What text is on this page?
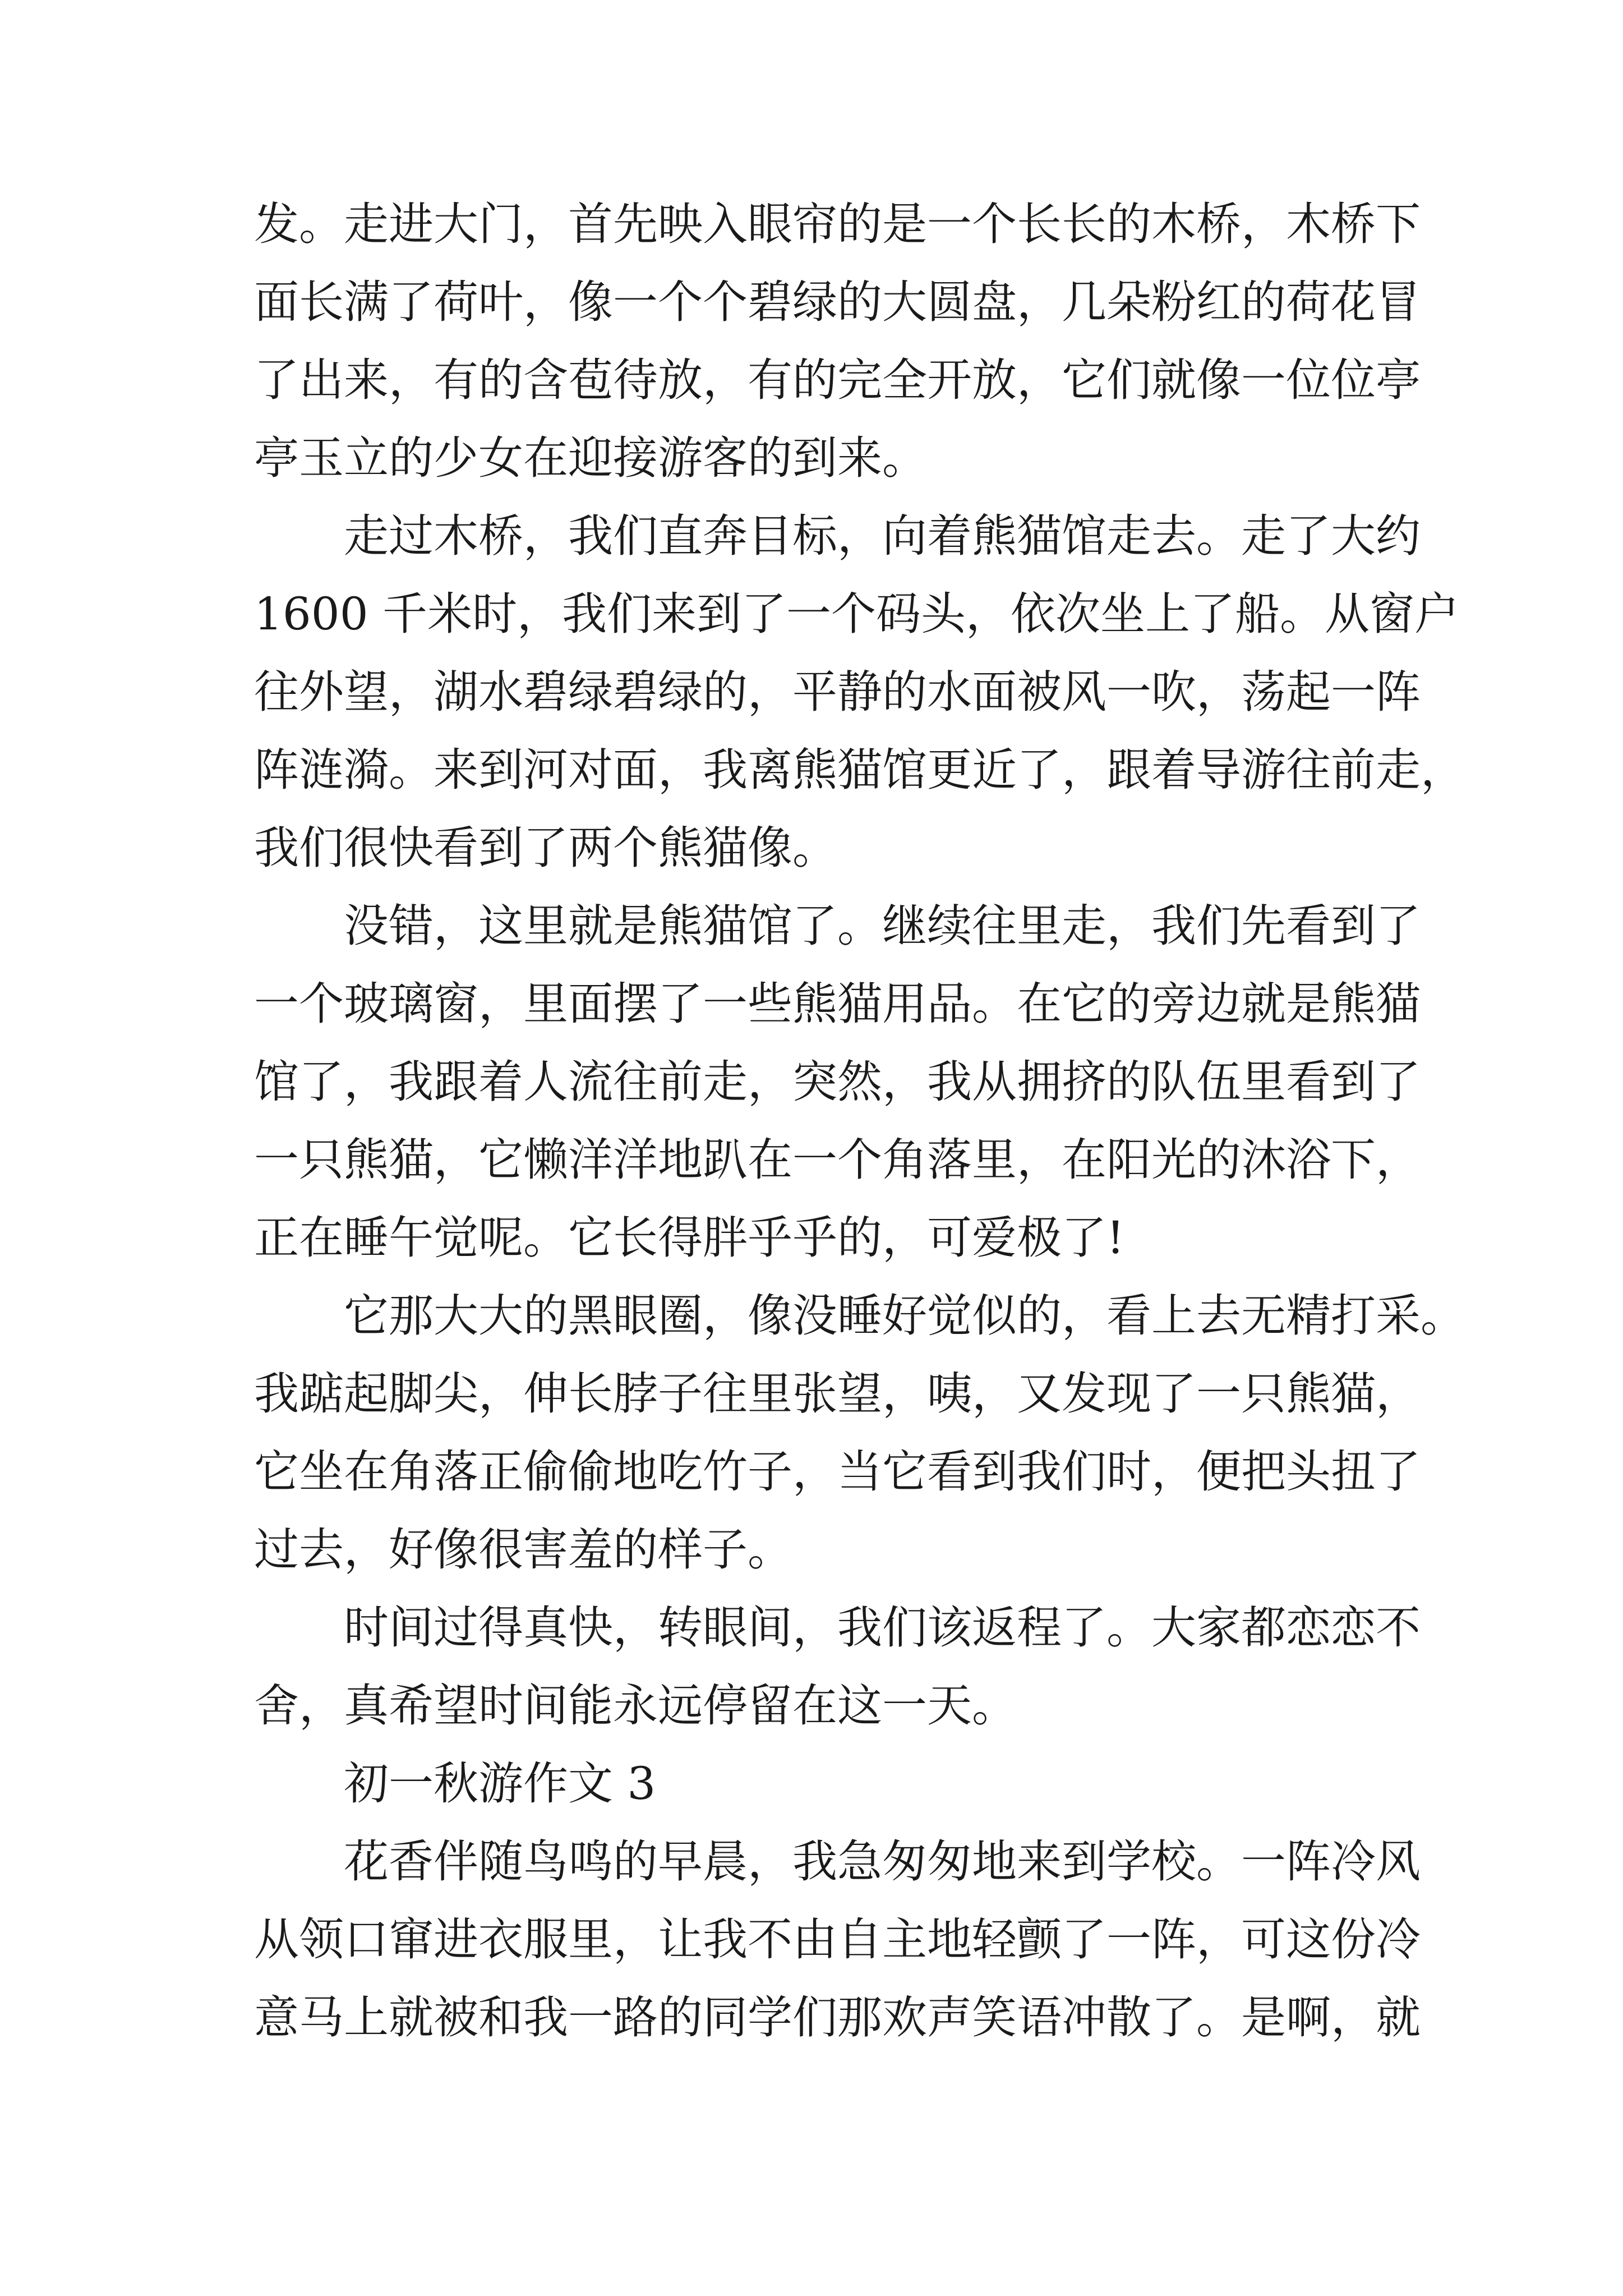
发。走进大门，首先映入眼帘的是一个长长的木桥，木桥下
面长满了荷叶，像一个个碧绿的大圆盘，几朵粉红的荷花冒
了出来，有的含苞待放，有的完全开放，它们就像一位位亭
亭玉立的少女在迎接游客的到来。
走过木桥，我们直奔目标，向着熊猫馆走去。走了大约
1600 千米时，我们来到了一个码头，依次坐上了船。从窗户
往外望，湖水碧绿碧绿的，平静的水面被风一吹，荡起一阵
阵涟漪。来到河对面，我离熊猫馆更近了，跟着导游往前走，
我们很快看到了两个熊猫像。
没错，这里就是熊猫馆了。继续往里走，我们先看到了
一个玻璃窗，里面摆了一些熊猫用品。在它的旁边就是熊猫
馆了，我跟着人流往前走，突然，我从拥挤的队伍里看到了
一只熊猫，它懒洋洋地趴在一个角落里，在阳光的沐浴下，
正在睡午觉呢。它长得胖乎乎的，可爱极了!
它那大大的黑眼圈，像没睡好觉似的，看上去无精打采。
我踮起脚尖，伸长脖子往里张望，咦，又发现了一只熊猫，
它坐在角落正偷偷地吃竹子，当它看到我们时，便把头扭了
过去，好像很害羞的样子。
时间过得真快，转眼间，我们该返程了。大家都恋恋不
舍，真希望时间能永远停留在这一天。
初一秋游作文 3
花香伴随鸟鸣的早晨，我急匆匆地来到学校。一阵冷风
从领口窜进衣服里，让我不由自主地轻颤了一阵，可这份冷
意马上就被和我一路的同学们那欢声笑语冲散了。是啊，就
